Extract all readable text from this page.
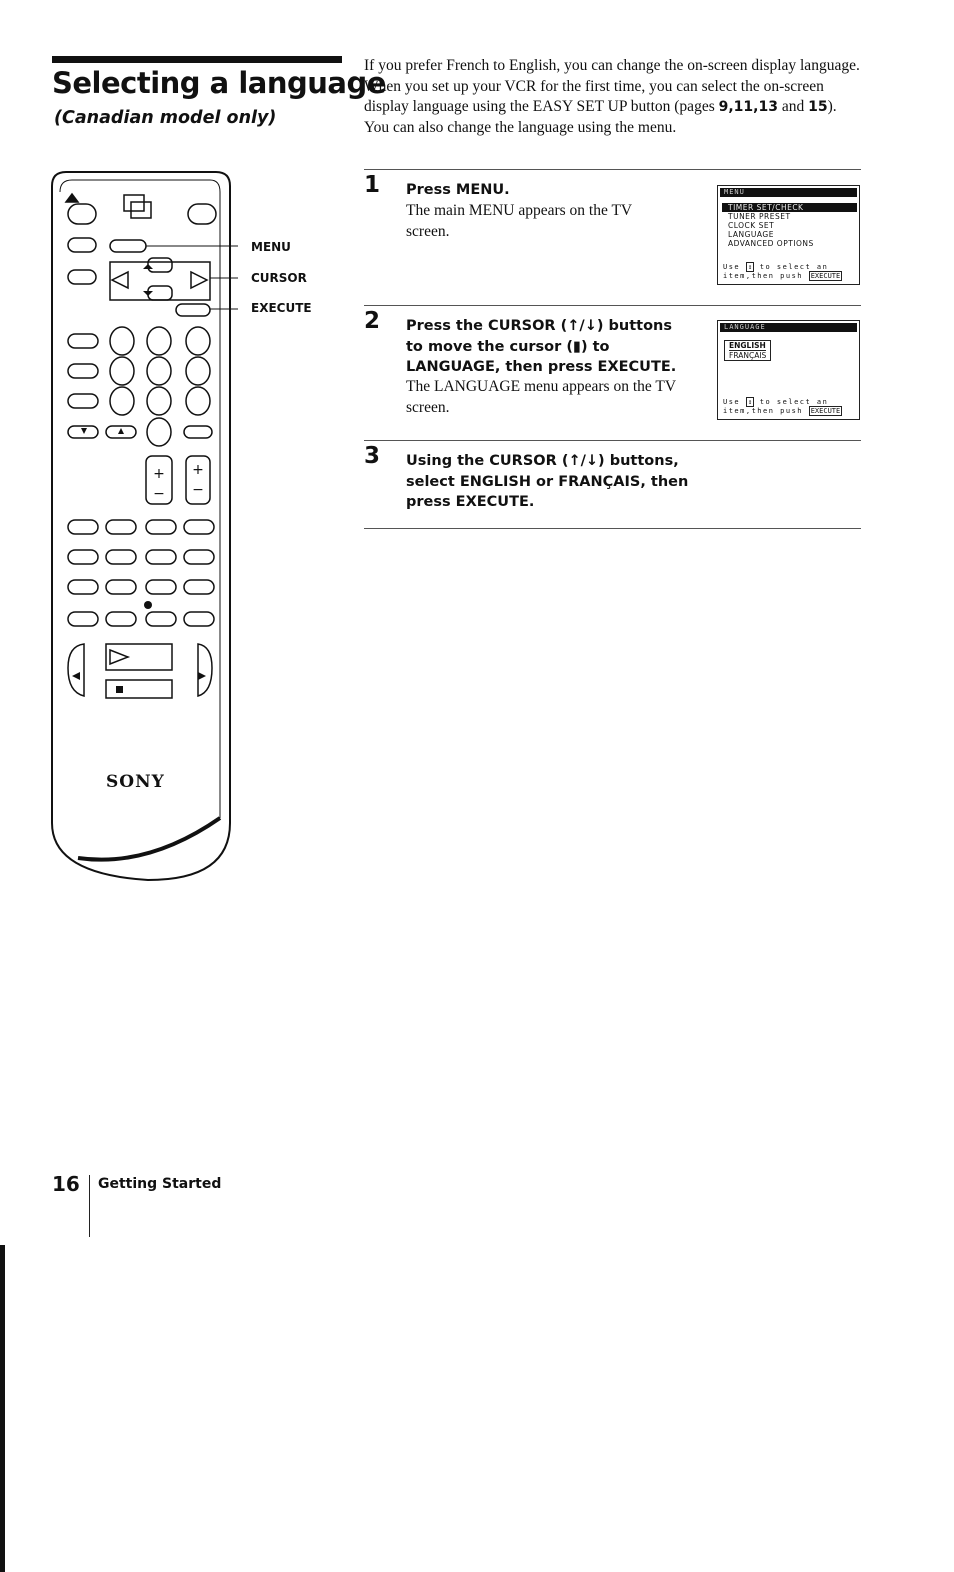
Selecting a language
(Canadian model only)

If you prefer French to English, you can change the on-screen display language.

When you set up your VCR for the first time, you can select the on-screen display language using the EASY SET UP button (pages 9,11,13 and 15). You can also change the language using the menu.

+
−
+
−
SONY
MENU
CURSOR
EXECUTE
1 Press MENU.

The main MENU appears on the TV screen.

MENU
TIMER SET/CHECK
TUNER PRESET
CLOCK SET
LANGUAGE
ADVANCED OPTIONS
Use ↕ to select an
item,then push EXECUTE
2 Press the CURSOR (↑/↓) buttons to move the cursor (▮) to LANGUAGE, then press EXECUTE.

The LANGUAGE menu appears on the TV screen.

LANGUAGE
ENGLISH
FRANÇAIS
Use ↕ to select an
item,then push EXECUTE
3 Using the CURSOR (↑/↓) buttons, select ENGLISH or FRANÇAIS, then press EXECUTE.

16 Getting Started
